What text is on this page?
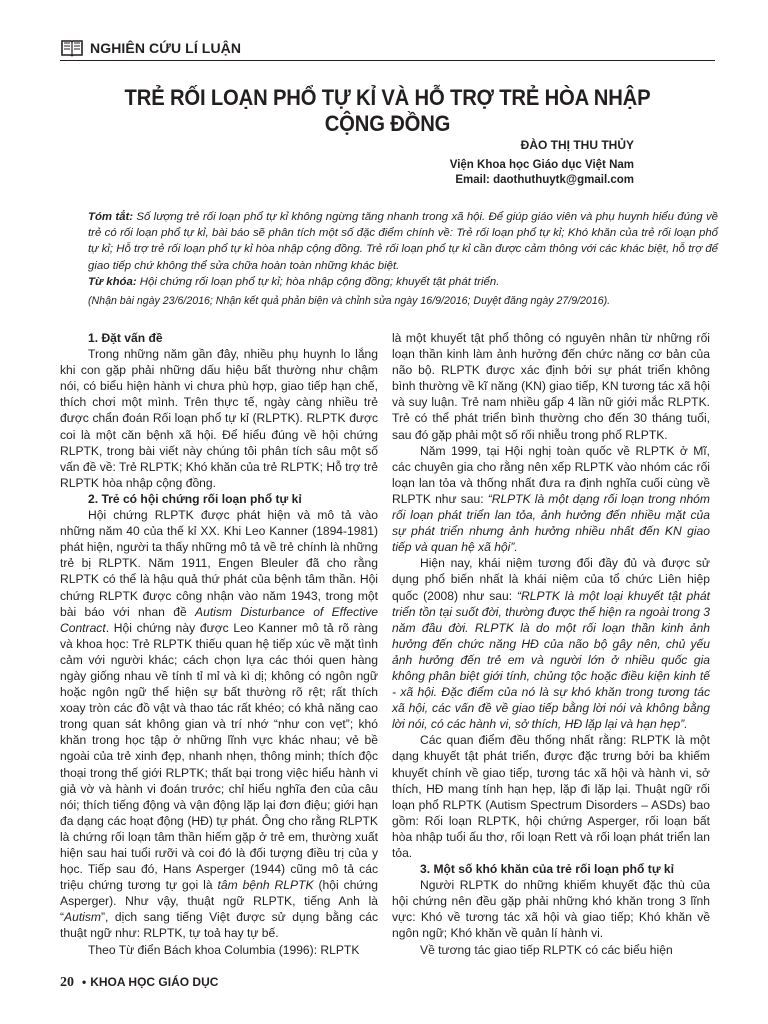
NGHIÊN CỨU LÍ LUẬN
TRẺ RỐI LOẠN PHỔ TỰ KỈ VÀ HỖ TRỢ TRẺ HÒA NHẬP CỘNG ĐỒNG
ĐÀO THỊ THU THỦY
Viện Khoa học Giáo dục Việt Nam
Email: daothuthuytk@gmail.com

Tóm tắt: Số lượng trẻ rối loạn phổ tự kỉ không ngừng tăng nhanh trong xã hội. Để giúp giáo viên và phụ huynh hiểu đúng về trẻ có rối loạn phổ tự kỉ, bài báo sẽ phân tích một số đặc điểm chính về: Trẻ rối loạn phổ tự kỉ; Khó khăn của trẻ rối loạn phổ tự kỉ; Hỗ trợ trẻ rối loạn phổ tự kỉ hòa nhập cộng đồng. Trẻ rối loạn phổ tự kỉ cần được cảm thông với các khác biệt, hỗ trợ để giao tiếp chứ không thể sửa chữa hoàn toàn những khác biệt.

Từ khóa: Hội chứng rối loạn phổ tự kỉ; hòa nhập cộng đồng; khuyết tật phát triển.

(Nhận bài ngày 23/6/2016; Nhận kết quả phản biện và chỉnh sửa ngày 16/9/2016; Duyệt đăng ngày 27/9/2016).

1. Đặt vấn đề

Trong những năm gần đây, nhiều phụ huynh lo lắng khi con gặp phải những dấu hiệu bất thường như chậm nói, có biểu hiện hành vi chưa phù hợp, giao tiếp hạn chế, thích chơi một mình. Trên thực tế, ngày càng nhiều trẻ được chẩn đoán Rối loạn phổ tự kỉ (RLPTK). RLPTK được coi là một căn bệnh xã hội. Để hiểu đúng về hội chứng RLPTK, trong bài viết này chúng tôi phân tích sâu một số vấn đề về: Trẻ RLPTK; Khó khăn của trẻ RLPTK; Hỗ trợ trẻ RLPTK hòa nhập cộng đồng.

2. Trẻ có hội chứng rối loạn phổ tự kỉ

Hội chứng RLPTK được phát hiện và mô tả vào những năm 40 của thế kỉ XX. Khi Leo Kanner (1894-1981) phát hiện, người ta thấy những mô tả về trẻ chính là những trẻ bị RLPTK. Năm 1911, Engen Bleuler đã cho rằng RLPTK có thể là hậu quả thứ phát của bệnh tâm thần. Hội chứng RLPTK được công nhận vào năm 1943, trong một bài báo với nhan đề Autism Disturbance of Effective Contract. Hội chứng này được Leo Kanner mô tả rõ ràng và khoa học: Trẻ RLPTK thiếu quan hệ tiếp xúc về mặt tình cảm với người khác; cách chọn lựa các thói quen hàng ngày giống nhau về tính tỉ mỉ và kì dị; không có ngôn ngữ hoặc ngôn ngữ thể hiện sự bất thường rõ rệt; rất thích xoay tròn các đồ vật và thao tác rất khéo; có khả năng cao trong quan sát không gian và trí nhớ “như con vẹt”; khó khăn trong học tập ở những lĩnh vực khác nhau; vẻ bề ngoài của trẻ xinh đẹp, nhanh nhẹn, thông minh; thích độc thoại trong thế giới RLPTK; thất bại trong việc hiểu hành vi giả vờ và hành vi đoán trước; chỉ hiểu nghĩa đen của câu nói; thích tiếng động và vận động lặp lại đơn điệu; giới hạn đa dạng các hoạt động (HĐ) tự phát. Ông cho rằng RLPTK là chứng rối loạn tâm thần hiếm gặp ở trẻ em, thường xuất hiện sau hai tuổi rưỡi và coi đó là đối tượng điều trị của y học. Tiếp sau đó, Hans Asperger (1944) cũng mô tả các triệu chứng tương tự gọi là tâm bệnh RLPTK (hội chứng Asperger). Như vậy, thuật ngữ RLPTK, tiếng Anh là “Autism”, dịch sang tiếng Việt được sử dụng bằng các thuật ngữ như: RLPTK, tự toả hay tự bế.

Theo Từ điển Bách khoa Columbia (1996): RLPTK

là một khuyết tật phổ thông có nguyên nhân từ những rối loạn thần kinh làm ảnh hưởng đến chức năng cơ bản của não bộ. RLPTK được xác định bởi sự phát triển không bình thường về kĩ năng (KN) giao tiếp, KN tương tác xã hội và suy luận. Trẻ nam nhiều gấp 4 lần nữ giới mắc RLPTK. Trẻ có thể phát triển bình thường cho đến 30 tháng tuổi, sau đó gặp phải một số rối nhiễu trong phổ RLPTK.

Năm 1999, tại Hội nghị toàn quốc về RLPTK ở Mĩ, các chuyên gia cho rằng nên xếp RLPTK vào nhóm các rối loạn lan tỏa và thống nhất đưa ra định nghĩa cuối cùng về RLPTK như sau: “RLPTK là một dạng rối loạn trong nhóm rối loạn phát triển lan tỏa, ảnh hưởng đến nhiều mặt của sự phát triển nhưng ảnh hưởng nhiều nhất đến KN giao tiếp và quan hệ xã hội”.

Hiện nay, khái niệm tương đối đầy đủ và được sử dụng phổ biến nhất là khái niệm của tổ chức Liên hiệp quốc (2008) như sau: “RLPTK là một loại khuyết tật phát triển tồn tại suốt đời, thường được thể hiện ra ngoài trong 3 năm đầu đời. RLPTK là do một rối loạn thần kinh ảnh hưởng đến chức năng HĐ của não bộ gây nên, chủ yếu ảnh hưởng đến trẻ em và người lớn ở nhiều quốc gia không phân biệt giới tính, chủng tộc hoặc điều kiện kinh tế - xã hội. Đặc điểm của nó là sự khó khăn trong tương tác xã hội, các vấn đề về giao tiếp bằng lời nói và không bằng lời nói, có các hành vi, sở thích, HĐ lặp lại và hạn hẹp”.

Các quan điểm đều thống nhất rằng: RLPTK là một dạng khuyết tật phát triển, được đặc trưng bởi ba khiếm khuyết chính về giao tiếp, tương tác xã hội và hành vi, sở thích, HĐ mang tính hạn hẹp, lặp đi lặp lại. Thuật ngữ rối loạn phổ RLPTK (Autism Spectrum Disorders – ASDs) bao gồm: Rối loạn RLPTK, hội chứng Asperger, rối loạn bất hòa nhập tuổi ấu thơ, rối loạn Rett và rối loạn phát triển lan tỏa.

3. Một số khó khăn của trẻ rối loạn phổ tự kỉ

Người RLPTK do những khiếm khuyết đặc thù của hội chứng nên đều gặp phải những khó khăn trong 3 lĩnh vực: Khó về tương tác xã hội và giao tiếp; Khó khăn về ngôn ngữ; Khó khăn về quản lí hành vi.

Về tương tác giao tiếp RLPTK có các biểu hiện

20 • KHOA HỌC GIÁO DỤC
